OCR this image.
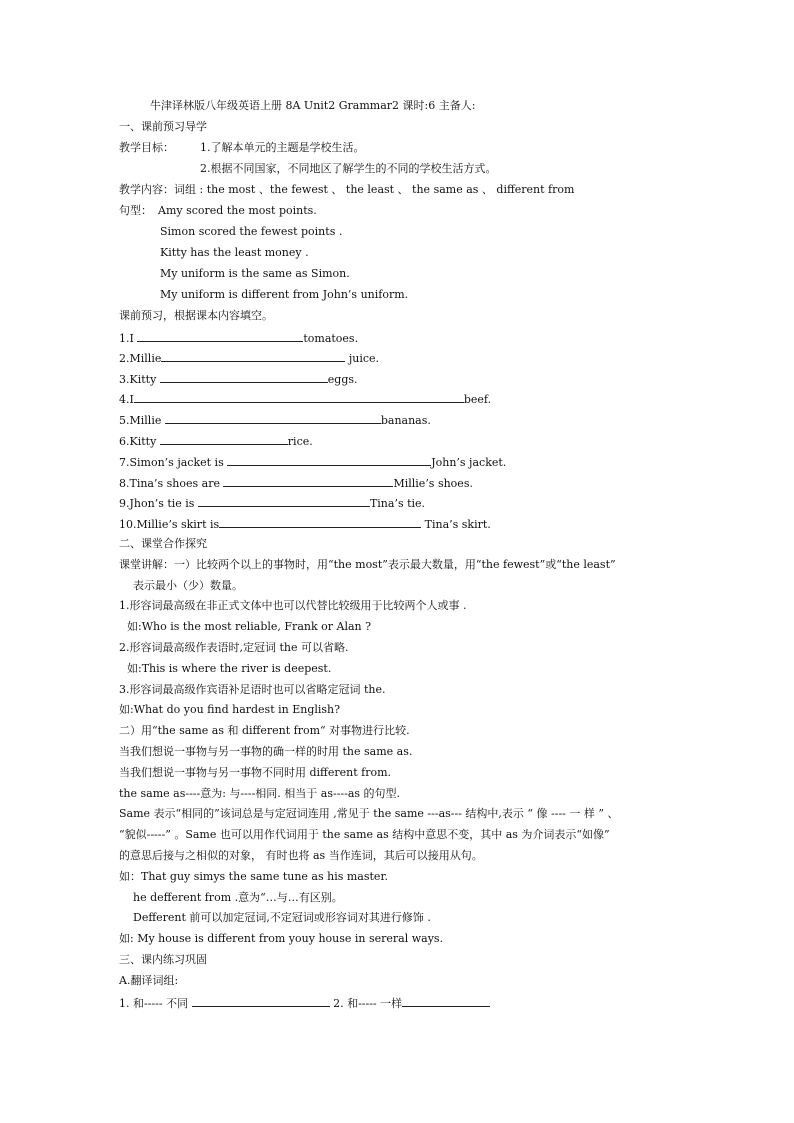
牛津译林版八年级英语上册 8A Unit2 Grammar2 课时:6 主备人:
一、课前预习导学
教学目标： 1.了解本单元的主题是学校生活。
2.根据不同国家，不同地区了解学生的不同的学校生活方式。
教学内容：词组 : the most 、the fewest 、 the least 、 the same as 、 different from
句型： Amy scored the most points.
Simon scored the fewest points .
Kitty has the least money .
My uniform is the same as Simon.
My uniform is different from John’s uniform.
课前预习，根据课本内容填空。
1.I	tomatoes.
2.Millie	juice.
3.Kitty	eggs.
4.I	beef.
5.Millie	bananas.
6.Kitty	rice.
7.Simon’s jacket is	John’s jacket.
8.Tina’s shoes are	Millie’s shoes.
9.Jhon’s tie is	Tina’s tie.
10.Millie’s skirt is	Tina’s skirt.
二、课堂合作探究
课堂讲解：一）比较两个以上的事物时，用“the most”表示最大数量，用“the fewest”或“the least”
表示最小（少）数量。
1.形容词最高级在非正式文体中也可以代替比较级用于比较两个人或事 .
如:Who is the most reliable, Frank or Alan ?
2.形容词最高级作表语时,定冠词 the 可以省略.
如:This is where the river is deepest.
3.形容词最高级作宾语补足语时也可以省略定冠词 the.
如:What do you find hardest in English?
二）用“the same as 和 different from“ 对事物进行比较.
当我们想说一事物与另一事物的确一样的时用 the same as.
当我们想说一事物与另一事物不同时用 different from.
the same as----意为: 与----相同. 相当于 as----as 的句型.
Same 表示“相同的”该词总是与定冠词连用 ,常见于 the same ---as--- 结构中,表示 “ 像 ---- 一 样 ” 、
“貌似-----” 。Same 也可以用作代词用于 the same as 结构中意思不变，其中 as 为介词表示“如像”
的意思后接与之相似的对象， 有时也将 as 当作连词，其后可以接用从句。
如：That guy simys the same tune as his master.
he defferent from .意为“…与…有区别。
Defferent 前可以加定冠词,不定冠词或形容词对其进行修饰 .
如: My house is different from youy house in sereral ways.
三、课内练习巩固
A.翻译词组:
1. 和----- 不同	2. 和----- 一样
